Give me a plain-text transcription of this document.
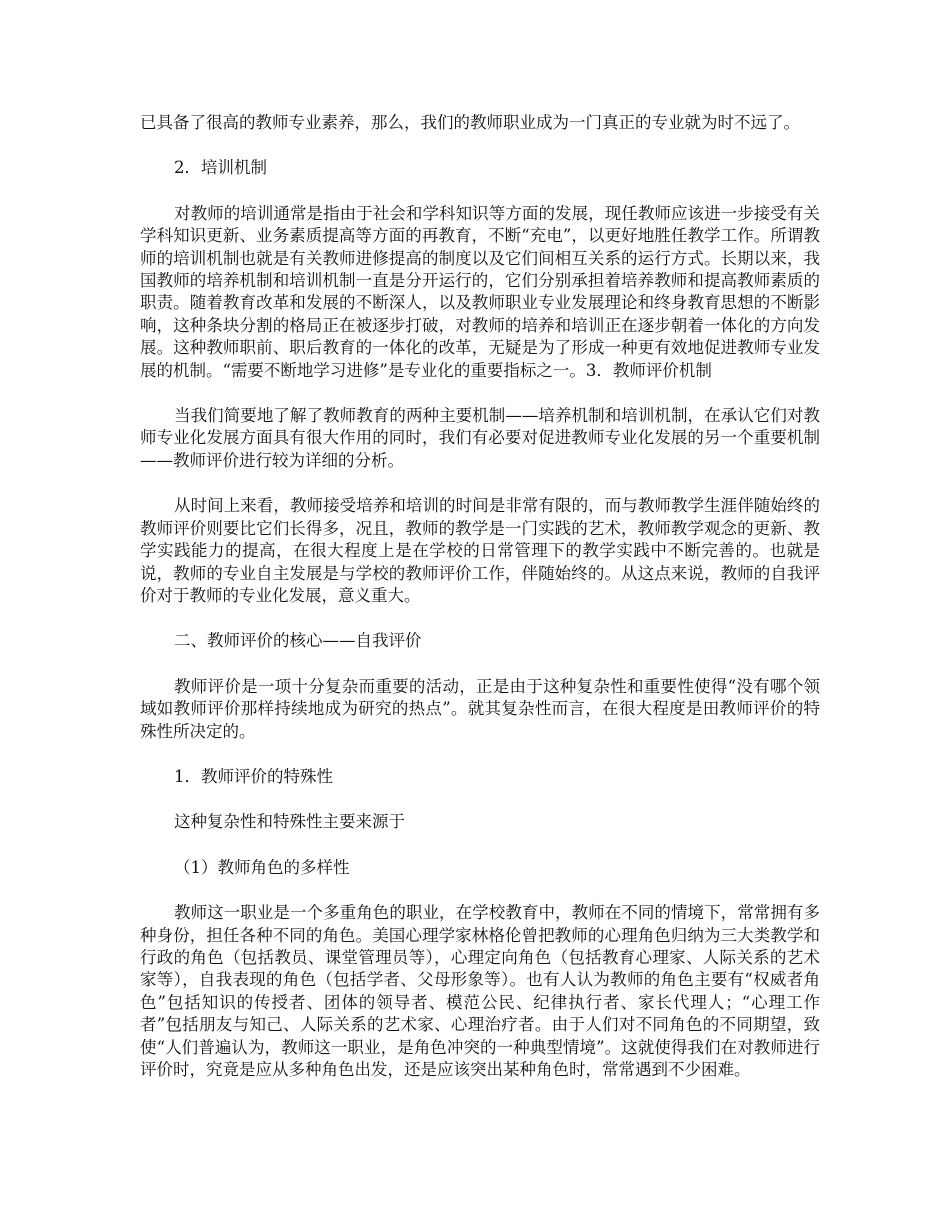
已具备了很高的教师专业素养，那么，我们的教师职业成为一门真正的专业就为时不远了。

2．培训机制

对教师的培训通常是指由于社会和学科知识等方面的发展，现任教师应该进一步接受有关学科知识更新、业务素质提高等方面的再教育，不断“充电”，以更好地胜任教学工作。所谓教师的培训机制也就是有关教师进修提高的制度以及它们间相互关系的运行方式。长期以来，我国教师的培养机制和培训机制一直是分开运行的，它们分别承担着培养教师和提高教师素质的职责。随着教育改革和发展的不断深人，以及教师职业专业发展理论和终身教育思想的不断影响，这种条块分割的格局正在被逐步打破，对教师的培养和培训正在逐步朝着一体化的方向发展。这种教师职前、职后教育的一体化的改革，无疑是为了形成一种更有效地促进教师专业发展的机制。“需要不断地学习进修”是专业化的重要指标之一。3．教师评价机制

当我们简要地了解了教师教育的两种主要机制——培养机制和培训机制，在承认它们对教师专业化发展方面具有很大作用的同时，我们有必要对促进教师专业化发展的另一个重要机制——教师评价进行较为详细的分析。

从时间上来看，教师接受培养和培训的时间是非常有限的，而与教师教学生涯伴随始终的教师评价则要比它们长得多，况且，教师的教学是一门实践的艺术，教师教学观念的更新、教学实践能力的提高，在很大程度上是在学校的日常管理下的教学实践中不断完善的。也就是说，教师的专业自主发展是与学校的教师评价工作，伴随始终的。从这点来说，教师的自我评价对于教师的专业化发展，意义重大。

二、教师评价的核心——自我评价

教师评价是一项十分复杂而重要的活动，正是由于这种复杂性和重要性使得“没有哪个领域如教师评价那样持续地成为研究的热点”。就其复杂性而言，在很大程度是田教师评价的特殊性所决定的。

1．教师评价的特殊性

这种复杂性和特殊性主要来源于

（1）教师角色的多样性

教师这一职业是一个多重角色的职业，在学校教育中，教师在不同的情境下，常常拥有多种身份，担任各种不同的角色。美国心理学家林格伦曾把教师的心理角色归纳为三大类教学和行政的角色（包括教员、课堂管理员等），心理定向角色（包括教育心理家、人际关系的艺术家等），自我表现的角色（包括学者、父母形象等）。也有人认为教师的角色主要有“权威者角色”包括知识的传授者、团体的领导者、模范公民、纪律执行者、家长代理人；“心理工作者”包括朋友与知己、人际关系的艺术家、心理治疗者。由于人们对不同角色的不同期望，致使“人们普遍认为，教师这一职业，是角色冲突的一种典型情境”。这就使得我们在对教师进行评价时，究竟是应从多种角色出发，还是应该突出某种角色时，常常遇到不少困难。
